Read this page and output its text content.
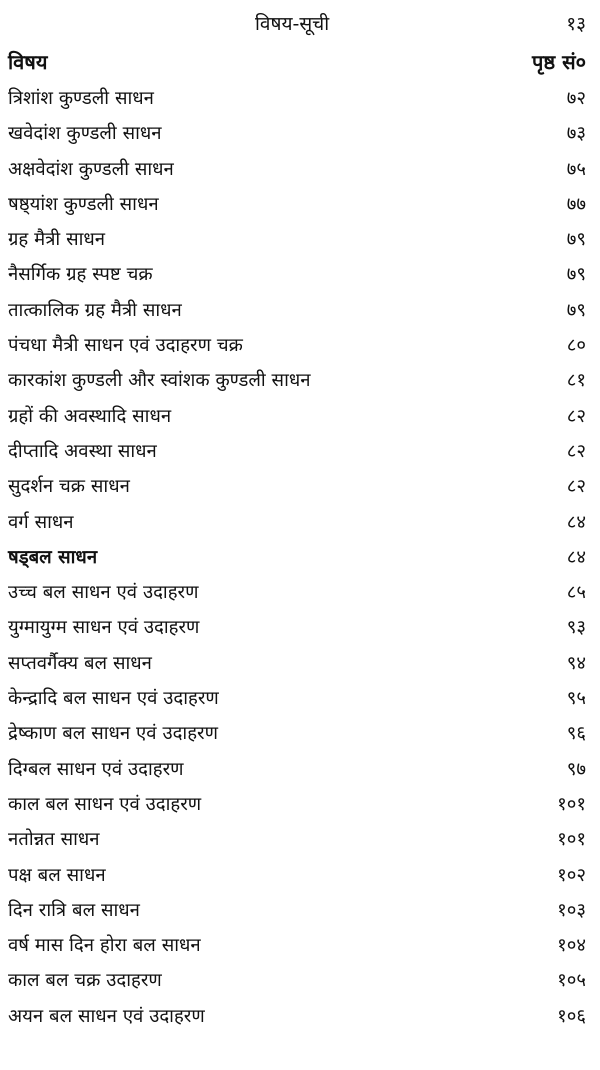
विषय-सूची	१३
विषय	पृष्ठ सं०
त्रिशांश कुण्डली साधन	७२
खवेदांश कुण्डली साधन	७३
अक्षवेदांश कुण्डली साधन	७५
षष्ठ्यांश कुण्डली साधन	७७
ग्रह मैत्री साधन	७९
नैसर्गिक ग्रह स्पष्ट चक्र	७९
तात्कालिक ग्रह मैत्री साधन	७९
पंचधा मैत्री साधन एवं उदाहरण चक्र	८०
कारकांश कुण्डली और स्वांशक कुण्डली साधन	८१
ग्रहों की अवस्थादि साधन	८२
दीप्तादि अवस्था साधन	८२
सुदर्शन चक्र साधन	८२
वर्ग साधन	८४
षड्बल साधन	८४
उच्च बल साधन एवं उदाहरण	८५
युग्मायुग्म साधन एवं उदाहरण	९३
सप्तवर्गैक्य बल साधन	९४
केन्द्रादि बल साधन एवं उदाहरण	९५
द्रेष्काण बल साधन एवं उदाहरण	९६
दिग्बल साधन एवं उदाहरण	९७
काल बल साधन एवं उदाहरण	१०१
नतोन्नत साधन	१०१
पक्ष बल साधन	१०२
दिन रात्रि बल साधन	१०३
वर्ष मास दिन होरा बल साधन	१०४
काल बल चक्र उदाहरण	१०५
अयन बल साधन एवं उदाहरण	१०६
